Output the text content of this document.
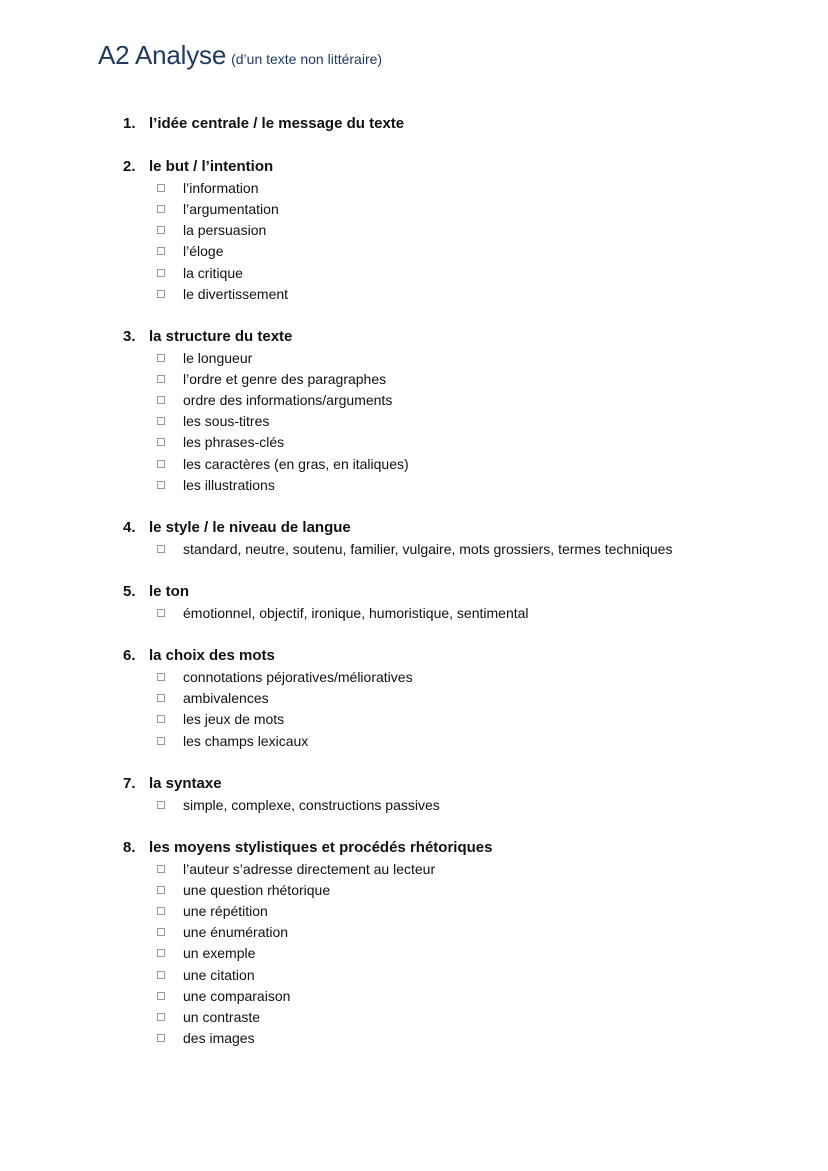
A2 Analyse (d’un texte non littéraire)
1. l’idée centrale / le message du texte
2. le but / l’intention
l’information
l’argumentation
la persuasion
l’éloge
la critique
le divertissement
3. la structure du texte
le longueur
l’ordre et genre des paragraphes
ordre des informations/arguments
les sous-titres
les phrases-clés
les caractères (en gras, en italiques)
les illustrations
4. le style / le niveau de langue
standard, neutre, soutenu, familier, vulgaire, mots grossiers, termes techniques
5. le ton
émotionnel, objectif, ironique, humoristique, sentimental
6. la choix des mots
connotations péjoratives/mélioratives
ambivalences
les jeux de mots
les champs lexicaux
7. la syntaxe
simple, complexe, constructions passives
8. les moyens stylistiques et procédés rhétoriques
l’auteur s’adresse directement au lecteur
une question rhétorique
une répétition
une énumération
un exemple
une citation
une comparaison
un contraste
des images
